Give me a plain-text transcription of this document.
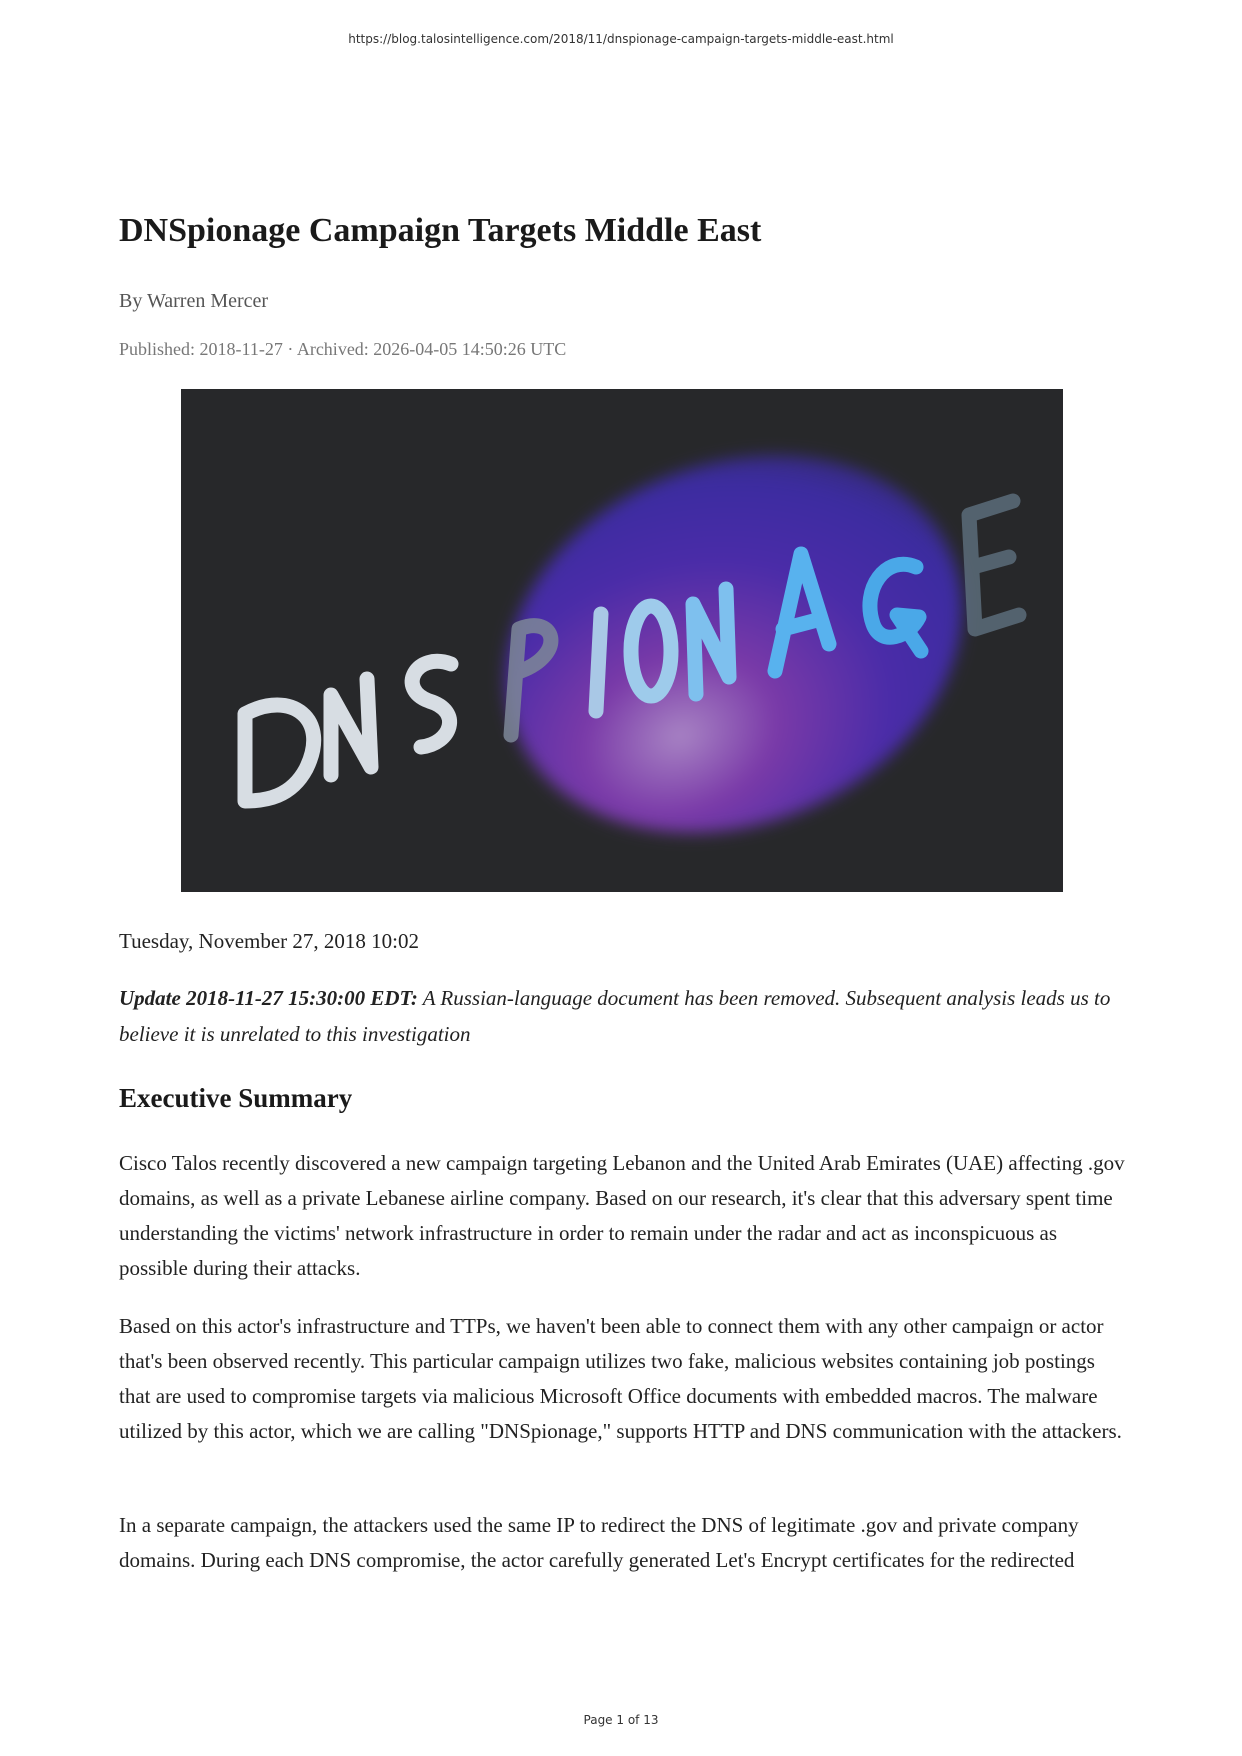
https://blog.talosintelligence.com/2018/11/dnspionage-campaign-targets-middle-east.html
DNSpionage Campaign Targets Middle East
By Warren Mercer
Published: 2018-11-27 · Archived: 2026-04-05 14:50:26 UTC
Tuesday, November 27, 2018 10:02

Update 2018-11-27 15:30:00 EDT: A Russian-language document has been removed. Subsequent analysis leads us to believe it is unrelated to this investigation

Executive Summary

Cisco Talos recently discovered a new campaign targeting Lebanon and the United Arab Emirates (UAE) affecting .gov domains, as well as a private Lebanese airline company. Based on our research, it's clear that this adversary spent time understanding the victims' network infrastructure in order to remain under the radar and act as inconspicuous as possible during their attacks.

Based on this actor's infrastructure and TTPs, we haven't been able to connect them with any other campaign or actor that's been observed recently. This particular campaign utilizes two fake, malicious websites containing job postings that are used to compromise targets via malicious Microsoft Office documents with embedded macros. The malware utilized by this actor, which we are calling "DNSpionage," supports HTTP and DNS communication with the attackers.

In a separate campaign, the attackers used the same IP to redirect the DNS of legitimate .gov and private company domains. During each DNS compromise, the actor carefully generated Let's Encrypt certificates for the redirected

Page 1 of 13
